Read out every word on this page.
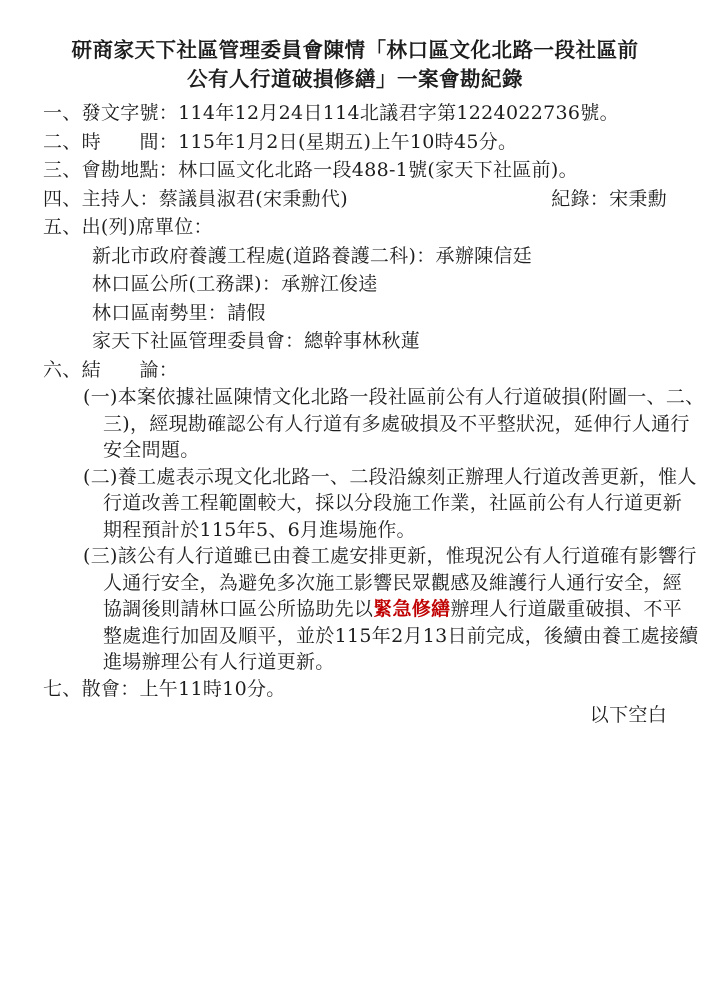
研商家天下社區管理委員會陳情「林口區文化北路一段社區前
公有人行道破損修繕」一案會勘紀錄
一、發文字號：114年12月24日114北議君字第1224022736號。
二、時　　間：115年1月2日(星期五)上午10時45分。
三、會勘地點：林口區文化北路一段488-1號(家天下社區前)。
四、主持人：蔡議員淑君(宋秉勳代)	紀錄：宋秉勳
五、出(列)席單位：
新北市政府養護工程處(道路養護二科)：承辦陳信廷
林口區公所(工務課)：承辦江俊逵
林口區南勢里：請假
家天下社區管理委員會：總幹事林秋蓮
六、結　　論：
(一)本案依據社區陳情文化北路一段社區前公有人行道破損(附圖一、二、
三)，經現勘確認公有人行道有多處破損及不平整狀況，延伸行人通行
安全問題。
(二)養工處表示現文化北路一、二段沿線刻正辦理人行道改善更新，惟人
行道改善工程範圍較大，採以分段施工作業，社區前公有人行道更新
期程預計於115年5、6月進場施作。
(三)該公有人行道雖已由養工處安排更新，惟現況公有人行道確有影響行
人通行安全，為避免多次施工影響民眾觀感及維護行人通行安全，經
協調後則請林口區公所協助先以緊急修繕辦理人行道嚴重破損、不平
整處進行加固及順平，並於115年2月13日前完成，後續由養工處接續
進場辦理公有人行道更新。
七、散會：上午11時10分。
以下空白
